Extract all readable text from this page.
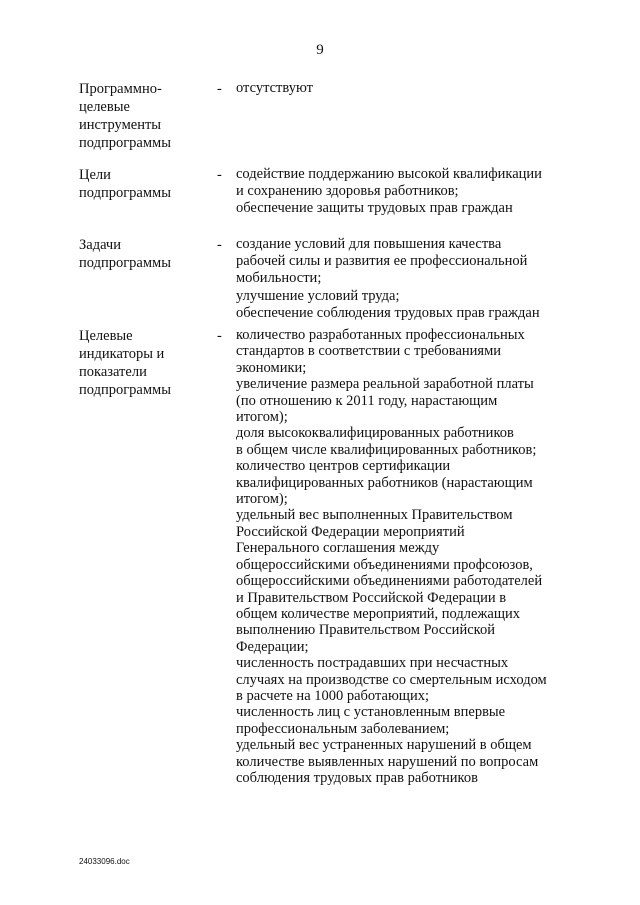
9
Программно-
целевые
инструменты
подпрограммы
- отсутствуют
Цели
подпрограммы
- содействие поддержанию высокой квалификации
и сохранению здоровья работников;
обеспечение защиты трудовых прав граждан
Задачи
подпрограммы
- создание условий для повышения качества
рабочей силы и развития ее профессиональной
мобильности;
улучшение условий труда;
обеспечение соблюдения трудовых прав граждан
Целевые
индикаторы и
показатели
подпрограммы
- количество разработанных профессиональных
стандартов в соответствии с требованиями
экономики;
увеличение размера реальной заработной платы
(по отношению к 2011 году, нарастающим
итогом);
доля высококвалифицированных работников
в общем числе квалифицированных работников;
количество центров сертификации
квалифицированных работников (нарастающим
итогом);
удельный вес выполненных Правительством
Российской Федерации мероприятий
Генерального соглашения между
общероссийскими объединениями профсоюзов,
общероссийскими объединениями работодателей
и Правительством Российской Федерации в
общем количестве мероприятий, подлежащих
выполнению Правительством Российской
Федерации;
численность пострадавших при несчастных
случаях на производстве со смертельным исходом
в расчете на 1000 работающих;
численность лиц с установленным впервые
профессиональным заболеванием;
удельный вес устраненных нарушений в общем
количестве выявленных нарушений по вопросам
соблюдения трудовых прав работников
24033096.doc
